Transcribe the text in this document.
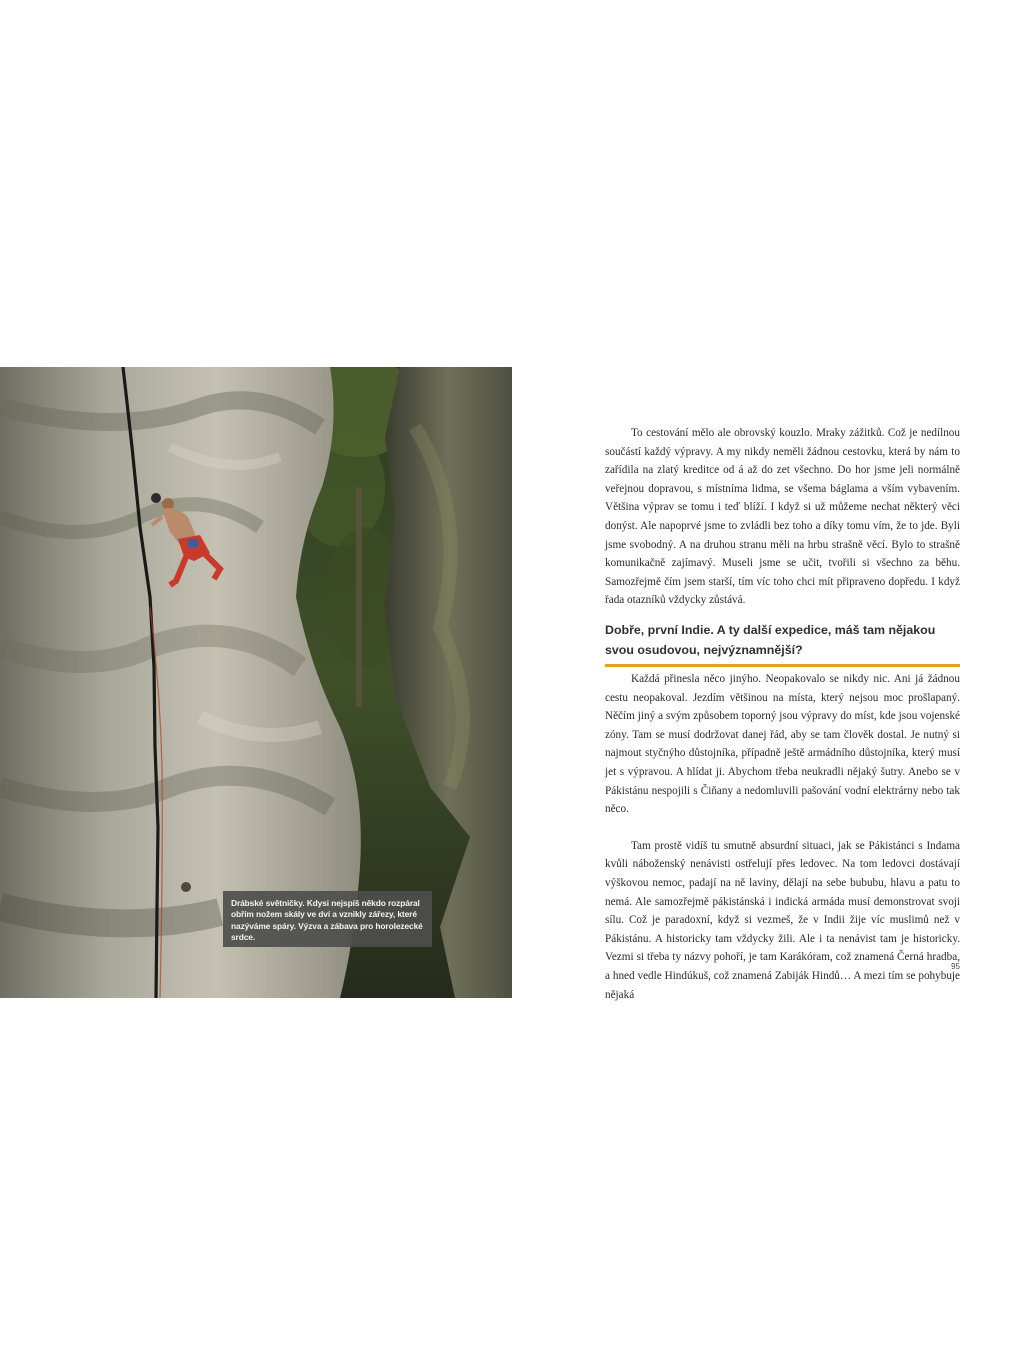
Drábské světničky. Kdysi nejspíš někdo rozpáral obřím nožem skály ve dví a vznikly zářezy, které nazýváme spáry. Výzva a zábava pro horolezecké srdce.

To cestování mělo ale obrovský kouzlo. Mraky zážitků. Což je nedílnou součástí každý výpravy. A my nikdy neměli žádnou cestovku, která by nám to zařídila na zlatý kreditce od á až do zet všechno. Do hor jsme jeli normálně veřejnou dopravou, s místníma lidma, se všema báglama a vším vybavením. Většina výprav se tomu i teď blíží. I když si už můžeme nechat některý věci donýst. Ale napoprvé jsme to zvládli bez toho a díky tomu vím, že to jde. Byli jsme svobodný. A na druhou stranu měli na hrbu strašně věcí. Bylo to strašně komunikačně zajímavý. Museli jsme se učit, tvořili si všechno za běhu. Samozřejmě čím jsem starší, tím víc toho chci mít připraveno dopředu. I když řada otazníků vždycky zůstává.

Dobře, první Indie. A ty další expedice, máš tam nějakou svou osudovou, nejvýznamnější?

Každá přinesla něco jinýho. Neopakovalo se nikdy nic. Ani já žádnou cestu neopakoval. Jezdím většinou na místa, který nejsou moc prošlapaný. Něčím jiný a svým způsobem toporný jsou výpravy do míst, kde jsou vojenské zóny. Tam se musí dodržovat danej řád, aby se tam člověk dostal. Je nutný si najmout styčnýho důstojníka, případně ještě armádního důstojníka, který musí jet s výpravou. A hlídat ji. Abychom třeba neukradli nějaký šutry. Anebo se v Pákistánu nespojili s Čiňany a nedomluvili pašování vodní elektrárny nebo tak něco.

Tam prostě vidíš tu smutně absurdní situaci, jak se Pákistánci s Indama kvůli náboženský nenávisti ostřelují přes ledovec. Na tom ledovci dostávají výškovou nemoc, padají na ně laviny, dělají na sebe bububu, hlavu a patu to nemá. Ale samozřejmě pákistánská i indická armáda musí demonstrovat svoji sílu. Což je paradoxní, když si vezmeš, že v Indii žije víc muslimů než v Pákistánu. A historicky tam vždycky žili. Ale i ta nenávist tam je historicky. Vezmi si třeba ty názvy pohoří, je tam Karákóram, což znamená Černá hradba, a hned vedle Hindúkuš, což znamená Zabiják Hindů… A mezi tím se pohybuje nějaká

95
